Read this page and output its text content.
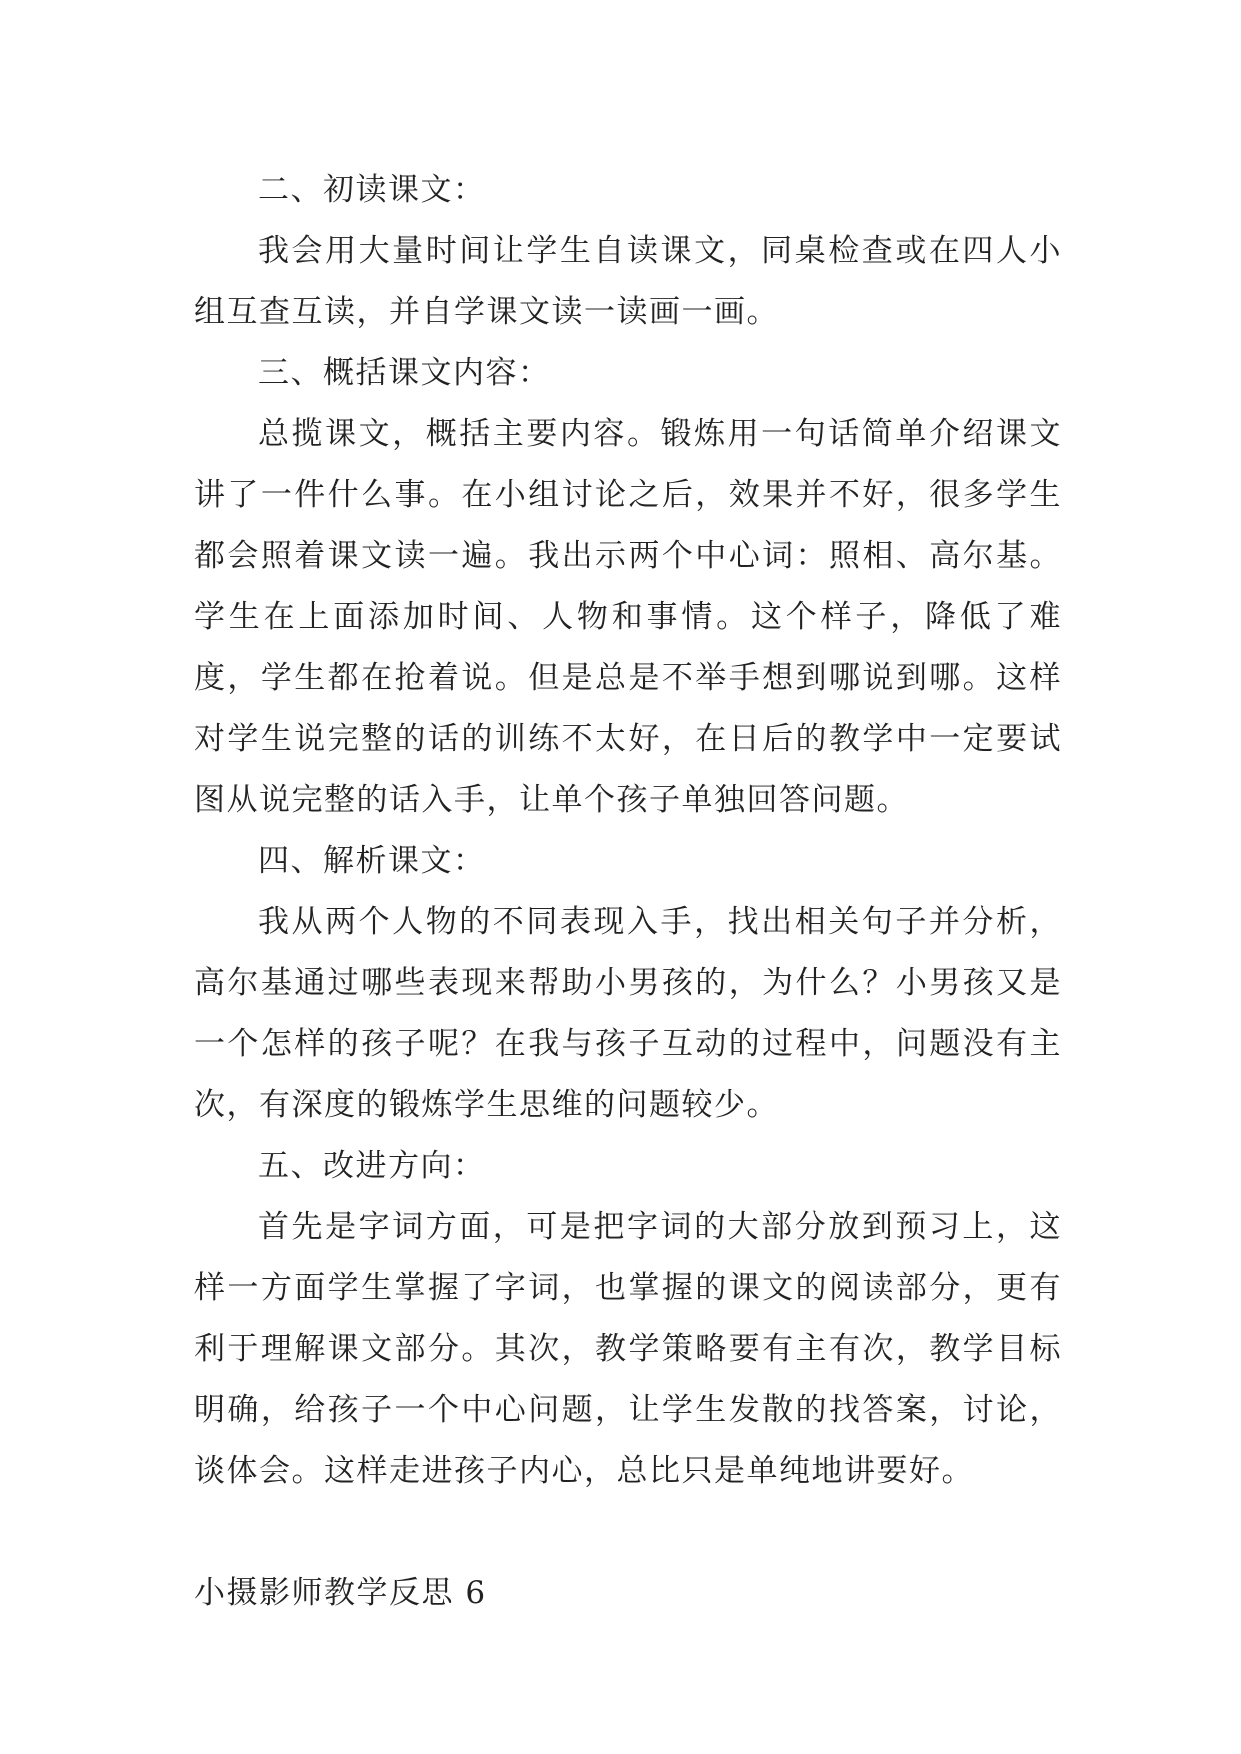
二、初读课文：

我会用大量时间让学生自读课文，同桌检查或在四人小组互查互读，并自学课文读一读画一画。

三、概括课文内容：

总揽课文，概括主要内容。锻炼用一句话简单介绍课文讲了一件什么事。在小组讨论之后，效果并不好，很多学生都会照着课文读一遍。我出示两个中心词：照相、高尔基。学生在上面添加时间、人物和事情。这个样子，降低了难度，学生都在抢着说。但是总是不举手想到哪说到哪。这样对学生说完整的话的训练不太好，在日后的教学中一定要试图从说完整的话入手，让单个孩子单独回答问题。

四、解析课文：

我从两个人物的不同表现入手，找出相关句子并分析，高尔基通过哪些表现来帮助小男孩的，为什么？小男孩又是一个怎样的孩子呢？在我与孩子互动的过程中，问题没有主次，有深度的锻炼学生思维的问题较少。

五、改进方向：

首先是字词方面，可是把字词的大部分放到预习上，这样一方面学生掌握了字词，也掌握的课文的阅读部分，更有利于理解课文部分。其次，教学策略要有主有次，教学目标明确，给孩子一个中心问题，让学生发散的找答案，讨论，谈体会。这样走进孩子内心，总比只是单纯地讲要好。

小摄影师教学反思 6
